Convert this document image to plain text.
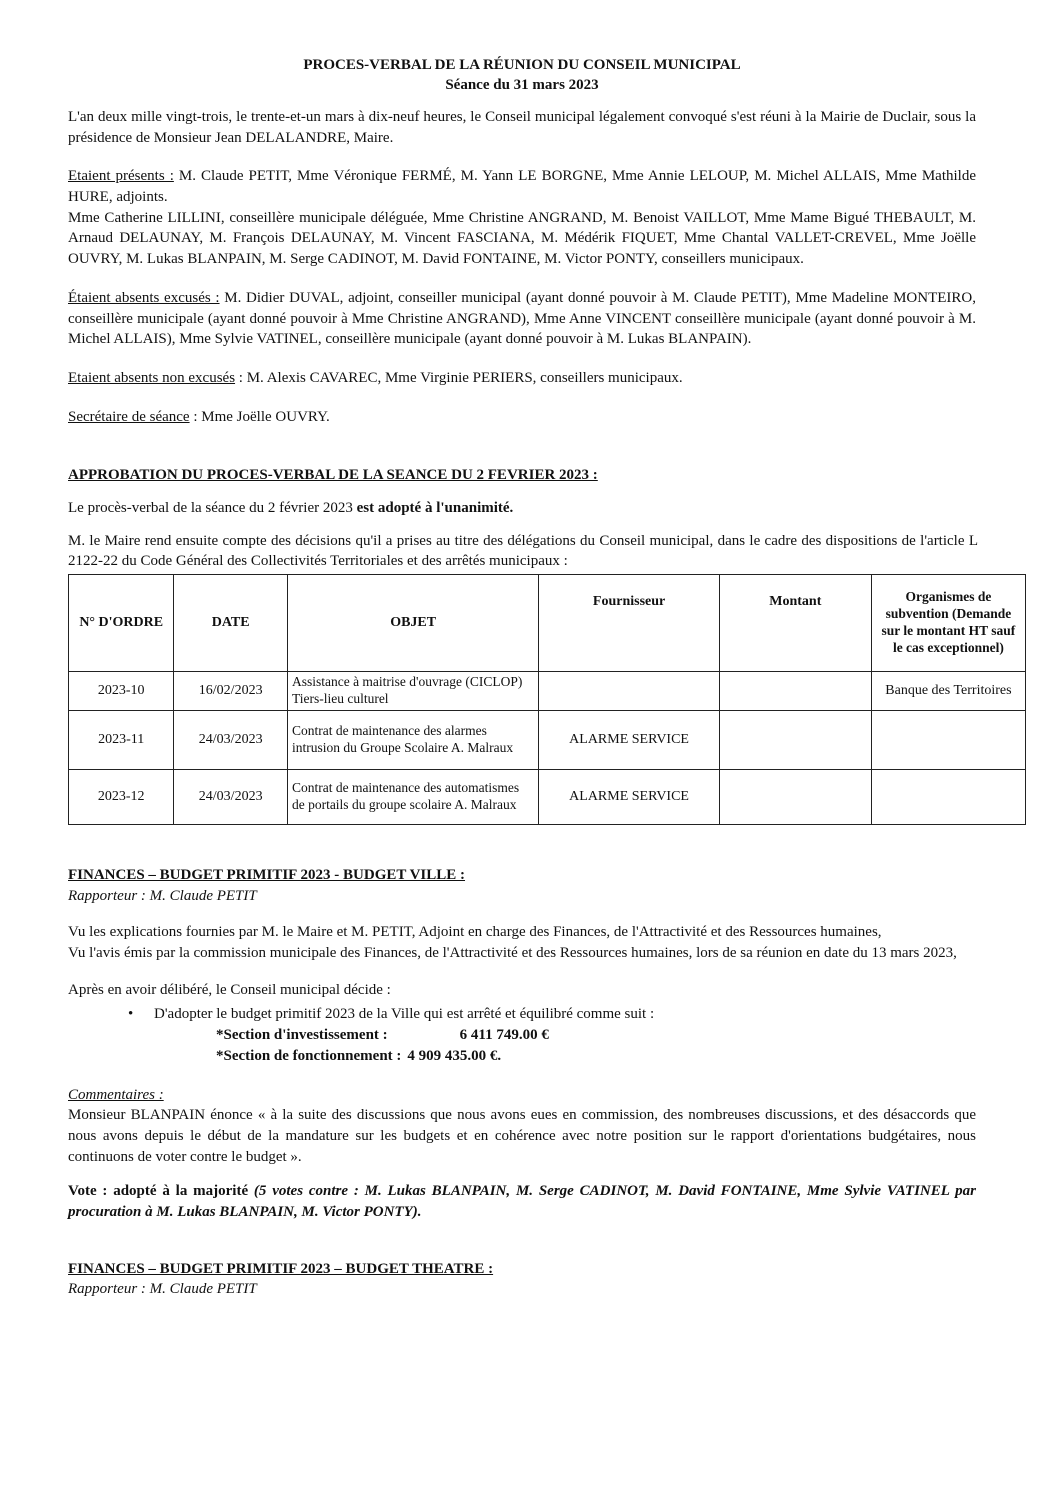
PROCES-VERBAL DE LA RÉUNION DU CONSEIL MUNICIPAL

Séance du 31 mars 2023

L'an deux mille vingt-trois, le trente-et-un mars à dix-neuf heures, le Conseil municipal légalement convoqué s'est réuni à la Mairie de Duclair, sous la présidence de Monsieur Jean DELALANDRE, Maire.

Etaient présents : M. Claude PETIT, Mme Véronique FERMÉ, M. Yann LE BORGNE, Mme Annie LELOUP, M. Michel ALLAIS, Mme Mathilde HURE, adjoints.

Mme Catherine LILLINI, conseillère municipale déléguée, Mme Christine ANGRAND, M. Benoist VAILLOT, Mme Mame Bigué THEBAULT, M. Arnaud DELAUNAY, M. François DELAUNAY, M. Vincent FASCIANA, M. Médérik FIQUET, Mme Chantal VALLET-CREVEL, Mme Joëlle OUVRY, M. Lukas BLANPAIN, M. Serge CADINOT, M. David FONTAINE, M. Victor PONTY, conseillers municipaux.

Étaient absents excusés : M. Didier DUVAL, adjoint, conseiller municipal (ayant donné pouvoir à M. Claude PETIT), Mme Madeline MONTEIRO, conseillère municipale (ayant donné pouvoir à Mme Christine ANGRAND), Mme Anne VINCENT conseillère municipale (ayant donné pouvoir à M. Michel ALLAIS), Mme Sylvie VATINEL, conseillère municipale (ayant donné pouvoir à M. Lukas BLANPAIN).

Etaient absents non excusés : M. Alexis CAVAREC, Mme Virginie PERIERS, conseillers municipaux.

Secrétaire de séance : Mme Joëlle OUVRY.

APPROBATION DU PROCES-VERBAL DE LA SEANCE DU 2 FEVRIER 2023 :

Le procès-verbal de la séance du 2 février 2023 est adopté à l'unanimité.

M. le Maire rend ensuite compte des décisions qu'il a prises au titre des délégations du Conseil municipal, dans le cadre des dispositions de l'article L 2122-22 du Code Général des Collectivités Territoriales et des arrêtés municipaux :

N° D'ORDRE	DATE	OBJET	Fournisseur	Montant	Organismes de subvention (Demande sur le montant HT sauf le cas exceptionnel)
2023-10	16/02/2023	Assistance à maitrise d'ouvrage (CICLOP) Tiers-lieu culturel			Banque des Territoires
2023-11	24/03/2023	Contrat de maintenance des alarmes intrusion du Groupe Scolaire A. Malraux	ALARME SERVICE		
2023-12	24/03/2023	Contrat de maintenance des automatismes de portails du groupe scolaire A. Malraux	ALARME SERVICE		

FINANCES – BUDGET PRIMITIF 2023 - BUDGET VILLE :

Rapporteur : M. Claude PETIT

Vu les explications fournies par M. le Maire et M. PETIT, Adjoint en charge des Finances, de l'Attractivité et des Ressources humaines,

Vu l'avis émis par la commission municipale des Finances, de l'Attractivité et des Ressources humaines, lors de sa réunion en date du 13 mars 2023,

Après en avoir délibéré, le Conseil municipal décide :

• D'adopter le budget primitif 2023 de la Ville qui est arrêté et équilibré comme suit :

*Section d'investissement :	6 411 749.00 €

*Section de fonctionnement : 4 909 435.00 €.

Commentaires :

Monsieur BLANPAIN énonce « à la suite des discussions que nous avons eues en commission, des nombreuses discussions, et des désaccords que nous avons depuis le début de la mandature sur les budgets et en cohérence avec notre position sur le rapport d'orientations budgétaires, nous continuons de voter contre le budget ».

Vote : adopté à la majorité (5 votes contre : M. Lukas BLANPAIN, M. Serge CADINOT, M. David FONTAINE, Mme Sylvie VATINEL par procuration à M. Lukas BLANPAIN, M. Victor PONTY).

FINANCES – BUDGET PRIMITIF 2023 – BUDGET THEATRE :

Rapporteur : M. Claude PETIT
